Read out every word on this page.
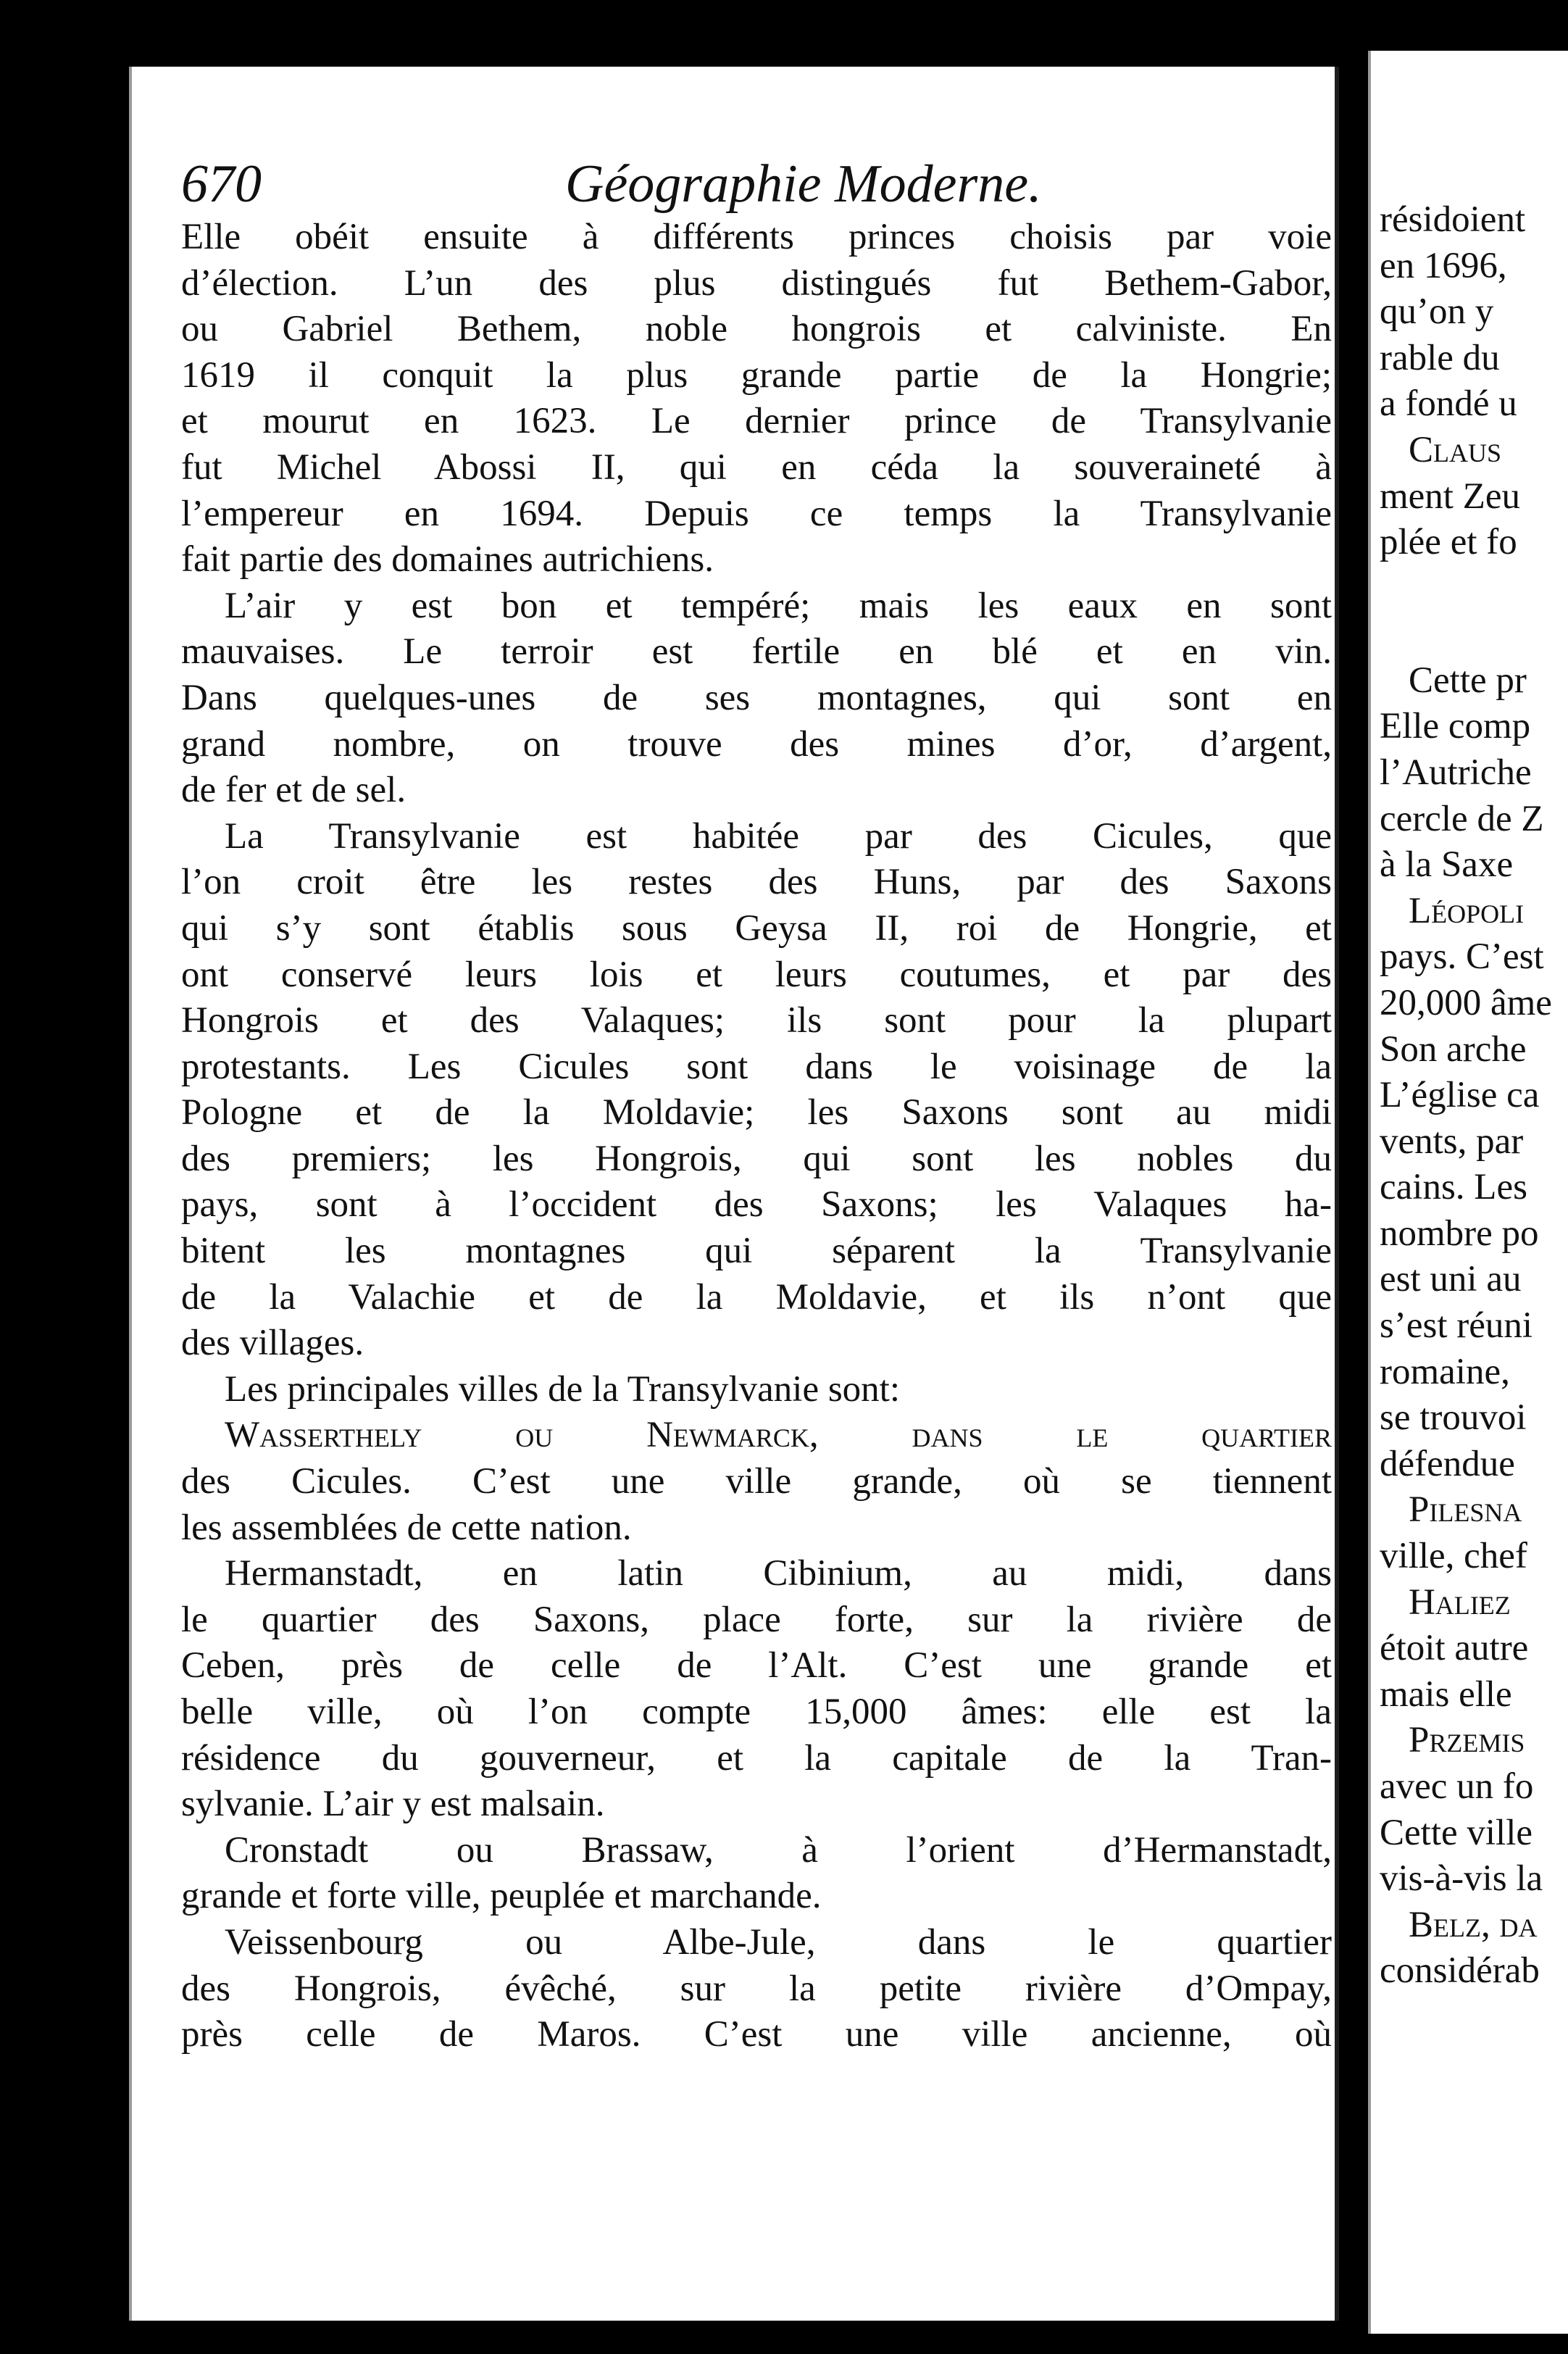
670	Géographie Moderne.
Elle obéit ensuite à différents princes choisis par voie
d’élection. L’un des plus distingués fut Bethem-Gabor,
ou Gabriel Bethem, noble hongrois et calviniste. En
1619 il conquit la plus grande partie de la Hongrie;
et mourut en 1623. Le dernier prince de Transylvanie
fut Michel Abossi II, qui en céda la souveraineté à
l’empereur en 1694. Depuis ce temps la Transylvanie
fait partie des domaines autrichiens.
L’air y est bon et tempéré; mais les eaux en sont
mauvaises. Le terroir est fertile en blé et en vin.
Dans quelques-unes de ses montagnes, qui sont en
grand nombre, on trouve des mines d’or, d’argent,
de fer et de sel.
La Transylvanie est habitée par des Cicules, que
l’on croit être les restes des Huns, par des Saxons
qui s’y sont établis sous Geysa II, roi de Hongrie, et
ont conservé leurs lois et leurs coutumes, et par des
Hongrois et des Valaques; ils sont pour la plupart
protestants. Les Cicules sont dans le voisinage de la
Pologne et de la Moldavie; les Saxons sont au midi
des premiers; les Hongrois, qui sont les nobles du
pays, sont à l’occident des Saxons; les Valaques ha-
bitent les montagnes qui séparent la Transylvanie
de la Valachie et de la Moldavie, et ils n’ont que
des villages.
Les principales villes de la Transylvanie sont:
Wasserthely ou Newmarck, dans le quartier
des Cicules. C’est une ville grande, où se tiennent
les assemblées de cette nation.
Hermanstadt, en latin Cibinium, au midi, dans
le quartier des Saxons, place forte, sur la rivière de
Ceben, près de celle de l’Alt. C’est une grande et
belle ville, où l’on compte 15,000 âmes: elle est la
résidence du gouverneur, et la capitale de la Tran-
sylvanie. L’air y est malsain.
Cronstadt ou Brassaw, à l’orient d’Hermanstadt,
grande et forte ville, peuplée et marchande.
Veissenbourg ou Albe-Jule, dans le quartier
des Hongrois, évêché, sur la petite rivière d’Ompay,
près celle de Maros. C’est une ville ancienne, où
résidoient
en 1696,
qu’on y
rable du
a fondé u
Claus
ment Zeu
plée et fo
Cette pr
Elle comp
l’Autriche
cercle de Z
à la Saxe
Léopoli
pays. C’est
20,000 âme
Son arche
L’église ca
vents, par
cains. Les
nombre po
est uni au
s’est réuni
romaine,
se trouvoi
défendue
Pilesna
ville, chef
Haliez
étoit autre
mais elle
Przemis
avec un fo
Cette ville
vis-à-vis la
Belz, da
considérab
